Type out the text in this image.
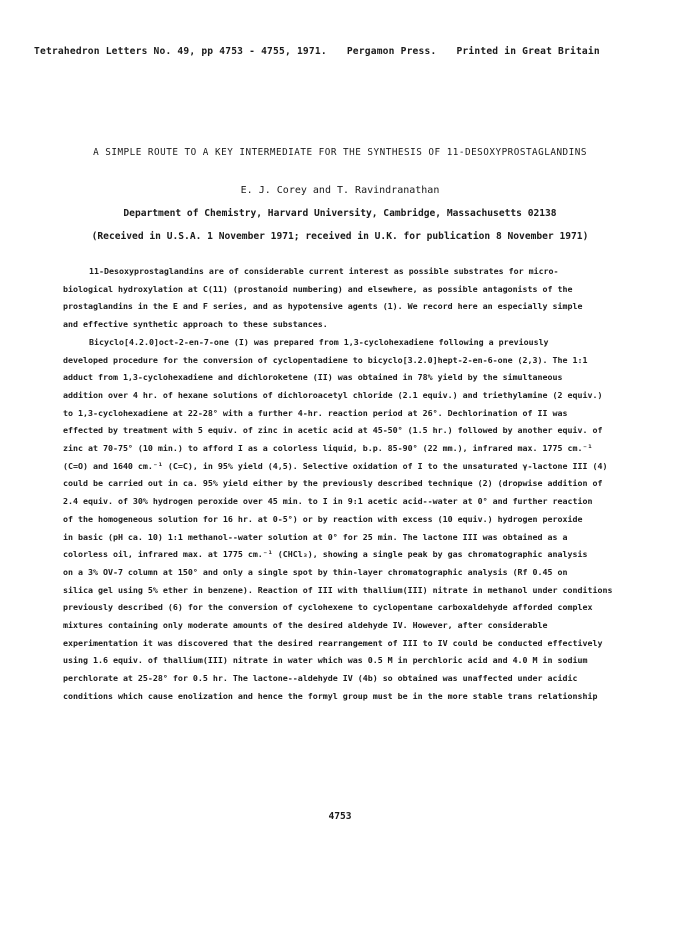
Tetrahedron Letters No. 49, pp 4753 - 4755, 1971. Pergamon Press. Printed in Great Britain
A SIMPLE ROUTE TO A KEY INTERMEDIATE FOR THE SYNTHESIS OF 11-DESOXYPROSTAGLANDINS
E. J. Corey and T. Ravindranathan
Department of Chemistry, Harvard University, Cambridge, Massachusetts 02138
(Received in U.S.A. 1 November 1971; received in U.K. for publication 8 November 1971)
11-Desoxyprostaglandins are of considerable current interest as possible substrates for micro-
biological hydroxylation at C(11) (prostanoid numbering) and elsewhere, as possible antagonists of the
prostaglandins in the E and F series, and as hypotensive agents (1). We record here an especially simple
and effective synthetic approach to these substances.
Bicyclo[4.2.0]oct-2-en-7-one (I) was prepared from 1,3-cyclohexadiene following a previously
developed procedure for the conversion of cyclopentadiene to bicyclo[3.2.0]hept-2-en-6-one (2,3). The 1:1
adduct from 1,3-cyclohexadiene and dichloroketene (II) was obtained in 78% yield by the simultaneous
addition over 4 hr. of hexane solutions of dichloroacetyl chloride (2.1 equiv.) and triethylamine (2 equiv.)
to 1,3-cyclohexadiene at 22-28° with a further 4-hr. reaction period at 26°. Dechlorination of II was
effected by treatment with 5 equiv. of zinc in acetic acid at 45-50° (1.5 hr.) followed by another equiv. of
zinc at 70-75° (10 min.) to afford I as a colorless liquid, b.p. 85-90° (22 mm.), infrared max. 1775 cm.⁻¹
(C=O) and 1640 cm.⁻¹ (C=C), in 95% yield (4,5). Selective oxidation of I to the unsaturated γ-lactone III (4)
could be carried out in ca. 95% yield either by the previously described technique (2) (dropwise addition of
2.4 equiv. of 30% hydrogen peroxide over 45 min. to I in 9:1 acetic acid--water at 0° and further reaction
of the homogeneous solution for 16 hr. at 0-5°) or by reaction with excess (10 equiv.) hydrogen peroxide
in basic (pH ca. 10) 1:1 methanol--water solution at 0° for 25 min. The lactone III was obtained as a
colorless oil, infrared max. at 1775 cm.⁻¹ (CHCl₃), showing a single peak by gas chromatographic analysis
on a 3% OV-7 column at 150° and only a single spot by thin-layer chromatographic analysis (Rf 0.45 on
silica gel using 5% ether in benzene). Reaction of III with thallium(III) nitrate in methanol under conditions
previously described (6) for the conversion of cyclohexene to cyclopentane carboxaldehyde afforded complex
mixtures containing only moderate amounts of the desired aldehyde IV. However, after considerable
experimentation it was discovered that the desired rearrangement of III to IV could be conducted effectively
using 1.6 equiv. of thallium(III) nitrate in water which was 0.5 M in perchloric acid and 4.0 M in sodium
perchlorate at 25-28° for 0.5 hr. The lactone--aldehyde IV (4b) so obtained was unaffected under acidic
conditions which cause enolization and hence the formyl group must be in the more stable trans relationship
4753
